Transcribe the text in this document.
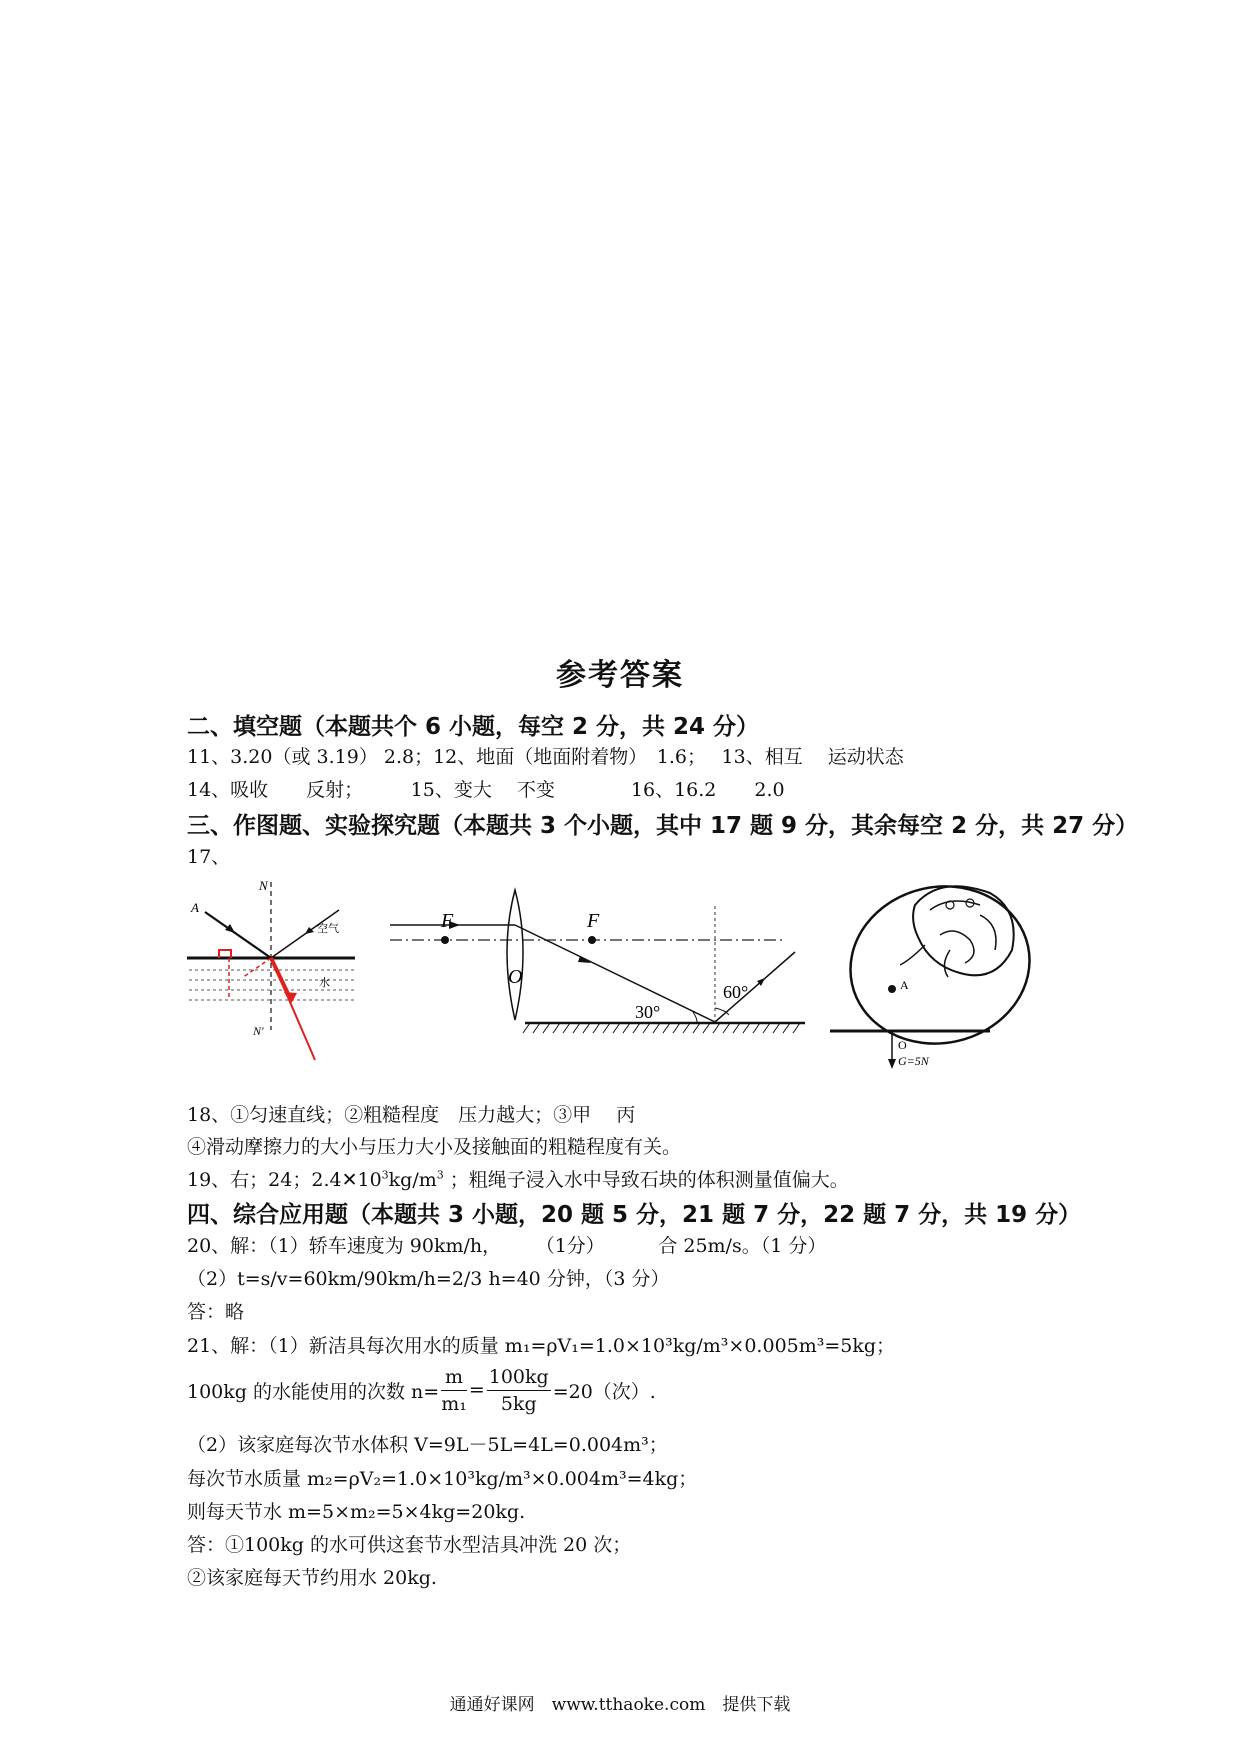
参考答案
二、填空题（本题共个 6 小题，每空 2 分，共 24 分）
11、3.20（或 3.19） 2.8；12、地面（地面附着物）　1.6；　 13、相互　 运动状态
14、吸收　　反射；　　　15、变大　 不变　　　　16、16.2　　2.0
三、作图题、实验探究题（本题共 3 个小题，其中 17 题 9 分，其余每空 2 分，共 27 分）
17、
N
N'
A
空气
水	O
F	F
30°
60°	A
O
G=5N
18、①匀速直线；②粗糙程度　压力越大；③甲　 丙
④滑动摩擦力的大小与压力大小及接触面的粗糙程度有关。
19、右；24；$2.4✕10^3kg/m^3$ ；粗绳子浸入水中导致石块的体积测量值偏大。
四、综合应用题（本题共 3 小题，20 题 5 分，21 题 7 分，22 题 7 分，共 19 分）
20、解：（1）轿车速度为 90km/h，　　 （1分）　　　 合 25m/s。（1 分）
（2）t=s/v=60km/90km/h=2/3 h=40 分钟，（3 分）
答：略
21、解：（1）新洁具每次用水的质量 m₁=ρV₁=1.0×10³kg/m³×0.005m³=5kg；
100kg 的水能使用的次数 $n= \frac{m}{\text{m₁}} = \frac{100kg}{5kg} =20$（次）.
（2）该家庭每次节水体积 V=9L－5L=4L=0.004m³；
每次节水质量 m₂=ρV₂=1.0×10³kg/m³×0.004m³=4kg；
则每天节水 m=5×m₂=5×4kg=20kg.
答：①100kg 的水可供这套节水型洁具冲洗 20 次；
②该家庭每天节约用水 20kg.
通通好课网　www.tthaoke.com　提供下载
